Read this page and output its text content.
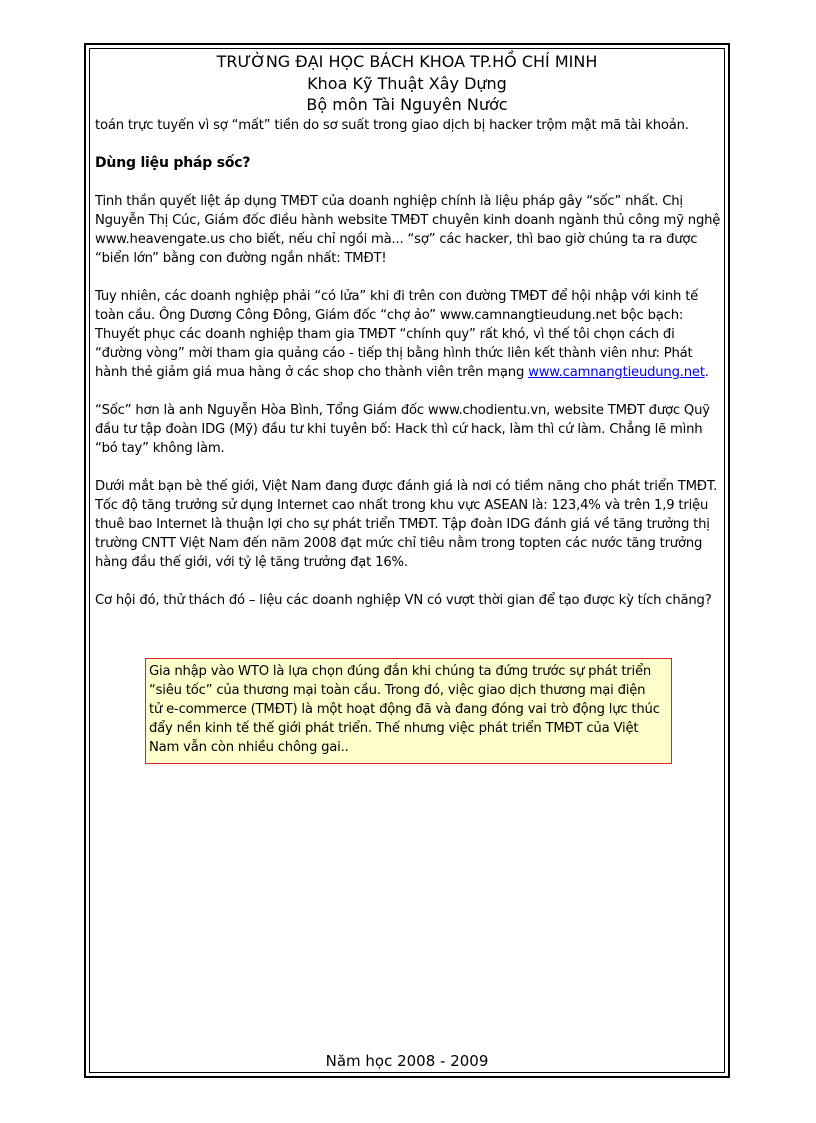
TRƯỜNG ĐẠI HỌC BÁCH KHOA TP.HỒ CHÍ MINH
Khoa Kỹ Thuật Xây Dựng
Bộ môn Tài Nguyên Nước

toán trực tuyến vì sợ “mất” tiền do sơ suất trong giao dịch bị hacker trộm mật mã tài khoản.

Dùng liệu pháp sốc?

Tinh thần quyết liệt áp dụng TMĐT của doanh nghiệp chính là liệu pháp gây “sốc” nhất. Chị Nguyễn Thị Cúc, Giám đốc điều hành website TMĐT chuyên kinh doanh ngành thủ công mỹ nghệ www.heavengate.us cho biết, nếu chỉ ngồi mà... “sợ” các hacker, thì bao giờ chúng ta ra được “biển lớn” bằng con đường ngắn nhất: TMĐT!

Tuy nhiên, các doanh nghiệp phải “có lửa” khi đi trên con đường TMĐT để hội nhập với kinh tế toàn cầu. Ông Dương Công Đông, Giám đốc “chợ ảo” www.camnangtieudung.net bộc bạch: Thuyết phục các doanh nghiệp tham gia TMĐT “chính quy” rất khó, vì thế tôi chọn cách đi “đường vòng” mời tham gia quảng cáo - tiếp thị bằng hình thức liên kết thành viên như: Phát hành thẻ giảm giá mua hàng ở các shop cho thành viên trên mạng www.camnangtieudung.net.

“Sốc” hơn là anh Nguyễn Hòa Bình, Tổng Giám đốc www.chodientu.vn, website TMĐT được Quỹ đầu tư tập đoàn IDG (Mỹ) đầu tư khi tuyên bố: Hack thì cứ hack, làm thì cứ làm. Chẳng lẽ mình “bó tay” không làm.

Dưới mắt bạn bè thế giới, Việt Nam đang được đánh giá là nơi có tiềm năng cho phát triển TMĐT. Tốc độ tăng trưởng sử dụng Internet cao nhất trong khu vực ASEAN là: 123,4% và trên 1,9 triệu thuê bao Internet là thuận lợi cho sự phát triển TMĐT. Tập đoàn IDG đánh giá về tăng trưởng thị trường CNTT Việt Nam đến năm 2008 đạt mức chỉ tiêu nằm trong topten các nước tăng trưởng hàng đầu thế giới, với tỷ lệ tăng trưởng đạt 16%.

Cơ hội đó, thử thách đó – liệu các doanh nghiệp VN có vượt thời gian để tạo được kỳ tích chăng?

Gia nhập vào WTO là lựa chọn đúng đắn khi chúng ta đứng trước sự phát triển “siêu tốc” của thương mại toàn cầu. Trong đó, việc giao dịch thương mại điện tử e-commerce (TMĐT) là một hoạt động đã và đang đóng vai trò động lực thúc đẩy nền kinh tế thế giới phát triển. Thế nhưng việc phát triển TMĐT của Việt Nam vẫn còn nhiều chông gai..
Năm học 2008 - 2009
